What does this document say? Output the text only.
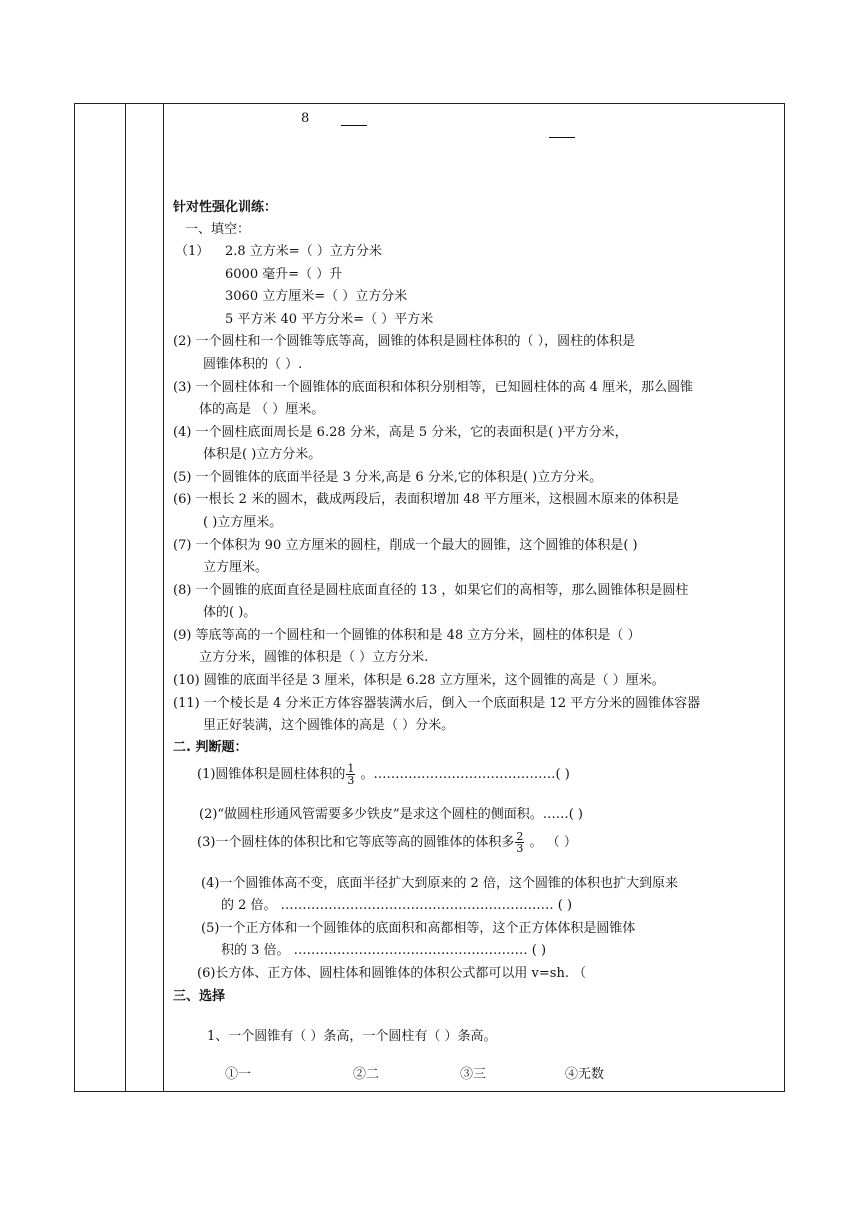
8
针对性强化训练：
一、填空：
（1） 2.8 立方米=（ ）立方分米
6000 毫升=（ ）升
3060 立方厘米=（ ）立方分米
5 平方米 40 平方分米=（ ）平方米
(2) 一个圆柱和一个圆锥等底等高，圆锥的体积是圆柱体积的（ ），圆柱的体积是
圆锥体积的（ ）.
(3) 一个圆柱体和一个圆锥体的底面积和体积分别相等，已知圆柱体的高 4 厘米，那么圆锥
体的高是 （ ）厘米。
(4) 一个圆柱底面周长是 6.28 分米，高是 5 分米，它的表面积是( )平方分米，
体积是( )立方分米。
(5) 一个圆锥体的底面半径是 3 分米,高是 6 分米,它的体积是( )立方分米。
(6) 一根长 2 米的圆木，截成两段后，表面积增加 48 平方厘米，这根圆木原来的体积是
( )立方厘米。
(7) 一个体积为 90 立方厘米的圆柱，削成一个最大的圆锥，这个圆锥的体积是( )
立方厘米。
(8) 一个圆锥的底面直径是圆柱底面直径的 13 ，如果它们的高相等，那么圆锥体积是圆柱
体的( )。
(9) 等底等高的一个圆柱和一个圆锥的体积和是 48 立方分米，圆柱的体积是（ ）
立方分米，圆锥的体积是（ ）立方分米.
(10) 圆锥的底面半径是 3 厘米，体积是 6.28 立方厘米，这个圆锥的高是（ ）厘米。
(11) 一个棱长是 4 分米正方体容器装满水后，倒入一个底面积是 12 平方分米的圆锥体容器
里正好装满，这个圆锥体的高是（ ）分米。
二. 判断题：
(1)圆锥体积是圆柱体积的 $\frac{1}{3}$ 。……………………………………( )
(2)“做圆柱形通风管需要多少铁皮”是求这个圆柱的侧面积。……( )
(3)一个圆柱体的体积比和它等底等高的圆锥体的体积多 $\frac{2}{3}$ 。 （ ）
(4)一个圆锥体高不变，底面半径扩大到原来的 2 倍，这个圆锥的体积也扩大到原来
的 2 倍。 ……………………………………………………… ( )
(5)一个正方体和一个圆锥体的底面积和高都相等，这个正方体体积是圆锥体
积的 3 倍。 ……………………………………………… ( )
(6)长方体、正方体、圆柱体和圆锥体的体积公式都可以用 v=sh. （
三、选择
1、一个圆锥有（ ）条高，一个圆柱有（ ）条高。
①一	②二	③三	④无数
